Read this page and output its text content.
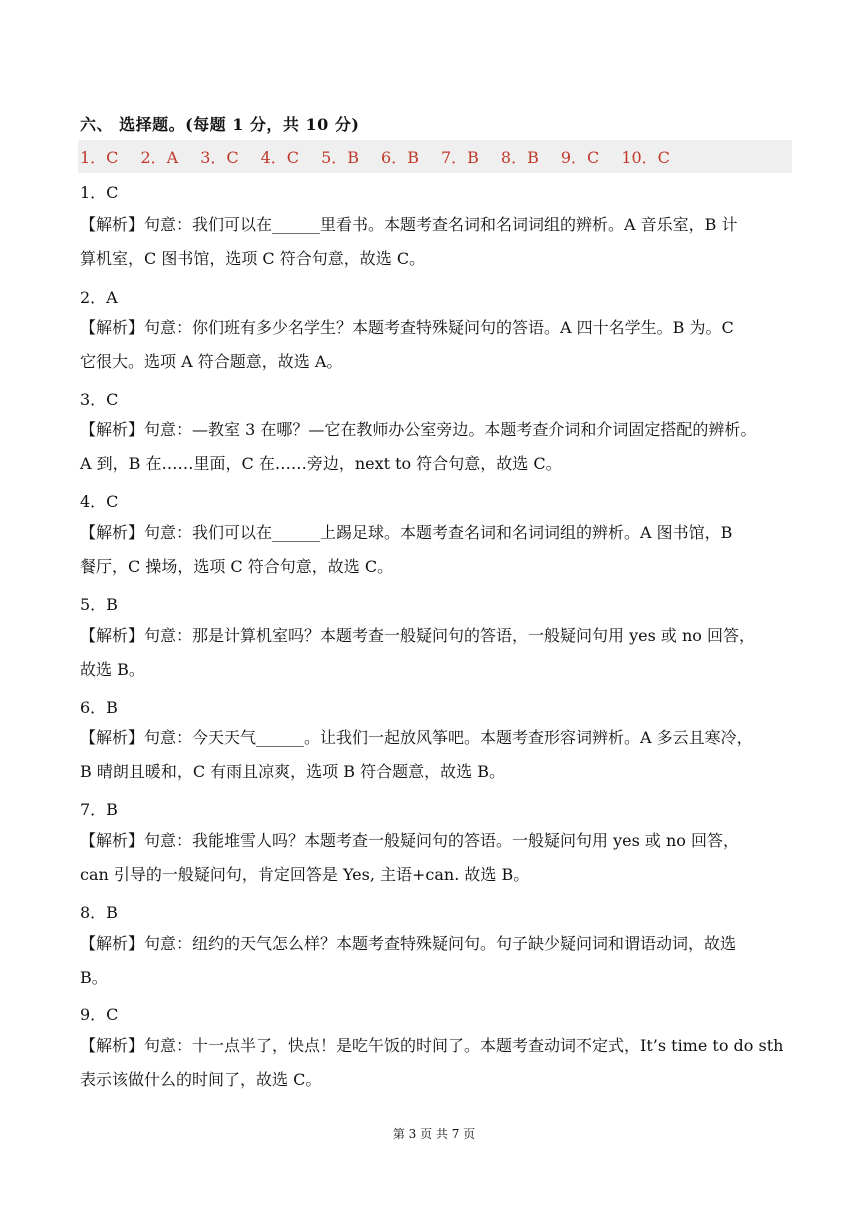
六、 选择题。(每题 1 分，共 10 分)
1．C 2．A 3．C 4．C 5．B 6．B 7．B 8．B 9．C 10．C
1．C
【解析】句意：我们可以在______里看书。本题考查名词和名词词组的辨析。A 音乐室，B 计
算机室，C 图书馆，选项 C 符合句意，故选 C。
2．A
【解析】句意：你们班有多少名学生？本题考查特殊疑问句的答语。A 四十名学生。B 为。C
它很大。选项 A 符合题意，故选 A。
3．C
【解析】句意：—教室 3 在哪？—它在教师办公室旁边。本题考查介词和介词固定搭配的辨析。
A 到，B 在……里面，C 在……旁边，next to 符合句意，故选 C。
4．C
【解析】句意：我们可以在______上踢足球。本题考查名词和名词词组的辨析。A 图书馆，B
餐厅，C 操场，选项 C 符合句意，故选 C。
5．B
【解析】句意：那是计算机室吗？本题考查一般疑问句的答语，一般疑问句用 yes 或 no 回答，
故选 B。
6．B
【解析】句意：今天天气______。让我们一起放风筝吧。本题考查形容词辨析。A 多云且寒冷，
B 晴朗且暖和，C 有雨且凉爽，选项 B 符合题意，故选 B。
7．B
【解析】句意：我能堆雪人吗？本题考查一般疑问句的答语。一般疑问句用 yes 或 no 回答，
can 引导的一般疑问句，肯定回答是 Yes, 主语+can. 故选 B。
8．B
【解析】句意：纽约的天气怎么样？本题考查特殊疑问句。句子缺少疑问词和谓语动词，故选
B。
9．C
【解析】句意：十一点半了，快点！是吃午饭的时间了。本题考查动词不定式，It’s time to do sth
表示该做什么的时间了，故选 C。
第 3 页 共 7 页
